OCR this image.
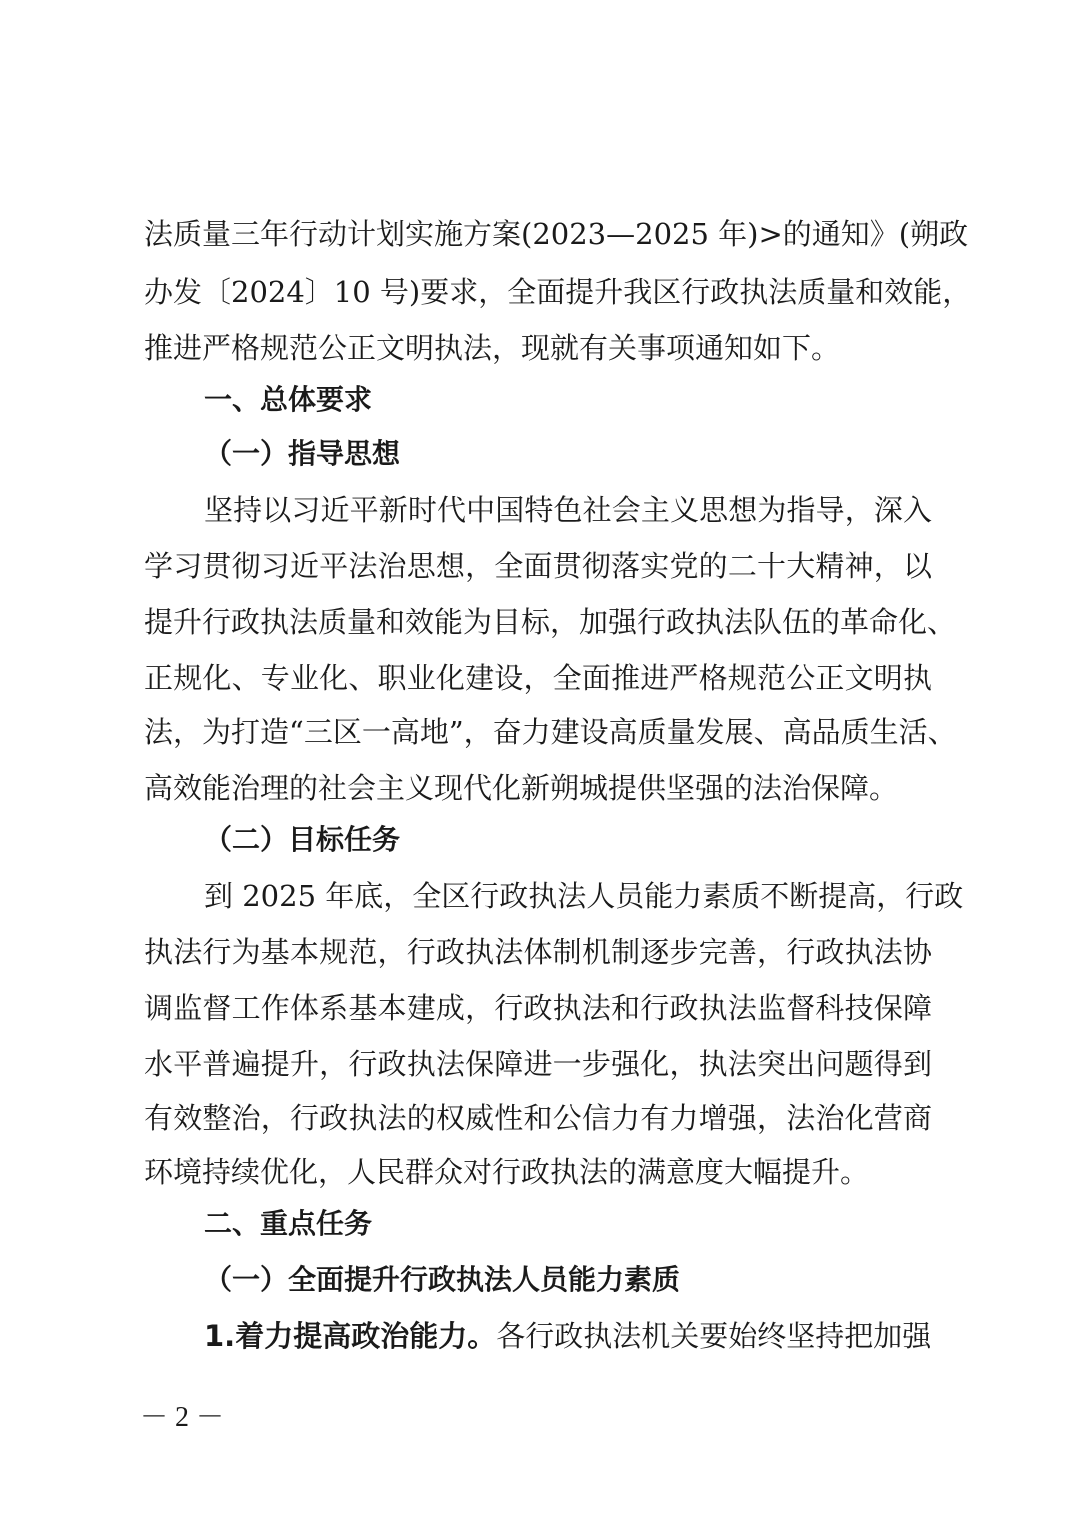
法质量三年行动计划实施方案(2023—2025 年)>的通知》(朔政
办发〔2024〕10 号)要求，全面提升我区行政执法质量和效能，
推进严格规范公正文明执法，现就有关事项通知如下。
一、总体要求
（一）指导思想
坚持以习近平新时代中国特色社会主义思想为指导，深入
学习贯彻习近平法治思想，全面贯彻落实党的二十大精神，以
提升行政执法质量和效能为目标，加强行政执法队伍的革命化、
正规化、专业化、职业化建设，全面推进严格规范公正文明执
法，为打造“三区一高地”，奋力建设高质量发展、高品质生活、
高效能治理的社会主义现代化新朔城提供坚强的法治保障。
（二）目标任务
到 2025 年底，全区行政执法人员能力素质不断提高，行政
执法行为基本规范，行政执法体制机制逐步完善，行政执法协
调监督工作体系基本建成，行政执法和行政执法监督科技保障
水平普遍提升，行政执法保障进一步强化，执法突出问题得到
有效整治，行政执法的权威性和公信力有力增强，法治化营商
环境持续优化，人民群众对行政执法的满意度大幅提升。
二、重点任务
（一）全面提升行政执法人员能力素质
1.着力提高政治能力。各行政执法机关要始终坚持把加强
－ 2 －
